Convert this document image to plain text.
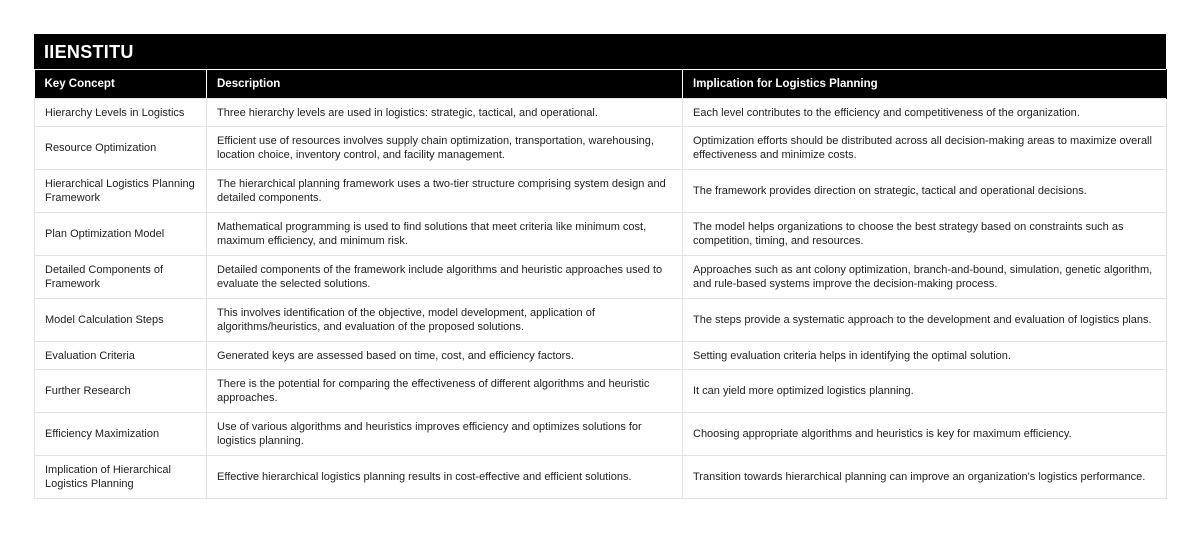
IIENSTITU
Key Concept	Description	Implication for Logistics Planning
Hierarchy Levels in Logistics	Three hierarchy levels are used in logistics: strategic, tactical, and operational.	Each level contributes to the efficiency and competitiveness of the organization.
Resource Optimization	Efficient use of resources involves supply chain optimization, transportation, warehousing, location choice, inventory control, and facility management.	Optimization efforts should be distributed across all decision-making areas to maximize overall effectiveness and minimize costs.
Hierarchical Logistics Planning Framework	The hierarchical planning framework uses a two-tier structure comprising system design and detailed components.	The framework provides direction on strategic, tactical and operational decisions.
Plan Optimization Model	Mathematical programming is used to find solutions that meet criteria like minimum cost, maximum efficiency, and minimum risk.	The model helps organizations to choose the best strategy based on constraints such as competition, timing, and resources.
Detailed Components of Framework	Detailed components of the framework include algorithms and heuristic approaches used to evaluate the selected solutions.	Approaches such as ant colony optimization, branch-and-bound, simulation, genetic algorithm, and rule-based systems improve the decision-making process.
Model Calculation Steps	This involves identification of the objective, model development, application of algorithms/heuristics, and evaluation of the proposed solutions.	The steps provide a systematic approach to the development and evaluation of logistics plans.
Evaluation Criteria	Generated keys are assessed based on time, cost, and efficiency factors.	Setting evaluation criteria helps in identifying the optimal solution.
Further Research	There is the potential for comparing the effectiveness of different algorithms and heuristic approaches.	It can yield more optimized logistics planning.
Efficiency Maximization	Use of various algorithms and heuristics improves efficiency and optimizes solutions for logistics planning.	Choosing appropriate algorithms and heuristics is key for maximum efficiency.
Implication of Hierarchical Logistics Planning	Effective hierarchical logistics planning results in cost-effective and efficient solutions.	Transition towards hierarchical planning can improve an organization's logistics performance.
